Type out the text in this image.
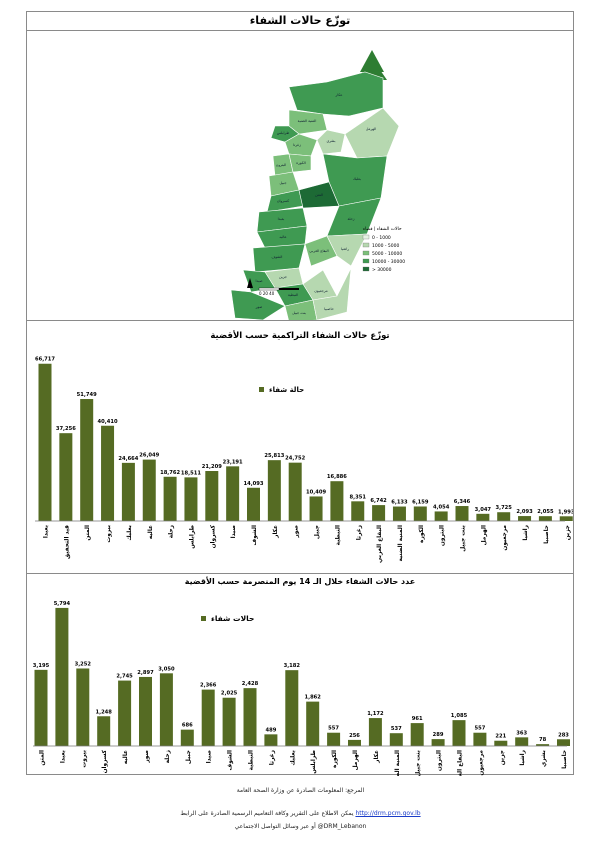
توزّع حالات الشفاء
عكار
المنية الضنية
طرابلس
زغرتا
بشري
الهرمل
البترون	الكورة
جبيل
بعلبك
كسروان
المتن
زحلة
بعبدا
عاليه
الشوف
البقاع الغربي	راشيا
جزين
صيدا
النبطية
مرجعيون
صور
بنت جبيل
حاصبيا
حالات الشفاء | قضاء
0 - 1000
1000 - 5000
5000 - 10000
10000 - 30000
> 30000
0 20 40
توزّع حالات الشفاء التراكمية حسب الأقضية
حالة شفاء
66,717
بعبدا
37,256
قيد التحقيق
51,749
المتن
40,410
بيروت
24,664
بعلبك
26,049
عاليه
18,762
زحلة
18,511
طرابلس
21,209
كسروان
23,191
صيدا
14,093
الشوف
25,813
عكار
24,752
صور
10,409
جبيل
16,886
النبطية
8,351
زغرتا
6,742
البقاع الغربي
6,133
المنية الضنية
6,159
الكورة
4,054
البترون
6,346
بنت جبيل
3,047
الهرمل
3,725
مرجعيون
2,093
راشيا
2,055
حاصبيا
1,993
جزين
عدد حالات الشفاء خلال الـ 14 يوم المنصرمة حسب الأقضية
حالات شفاء
3,195
المتن
5,794
بعبدا
3,252
بيروت
1,248
كسروان
2,745
عاليه
2,897
صور
3,050
زحلة
686
جبيل
2,366
صيدا
2,025
الشوف
2,428
النبطية
489
زغرتا
3,182
بعلبك
1,862
طرابلس
557
الكورة
256
الهرمل
1,172
عكار
537
المنية الضنية
961
بنت جبيل
289
البترون
1,085
البقاع الغربي
557
مرجعيون
221
جزين
363
راشيا
78
بشري
283
حاصبيا
المرجع: المعلومات الصادرة عن وزارة الصحة العامة
يمكن الاطلاع على التقرير وكافة التعاميم الرسمية الصادرة على الرابط http://drm.pcm.gov.lb
أو عبر وسائل التواصل الاجتماعي @DRM_Lebanon
